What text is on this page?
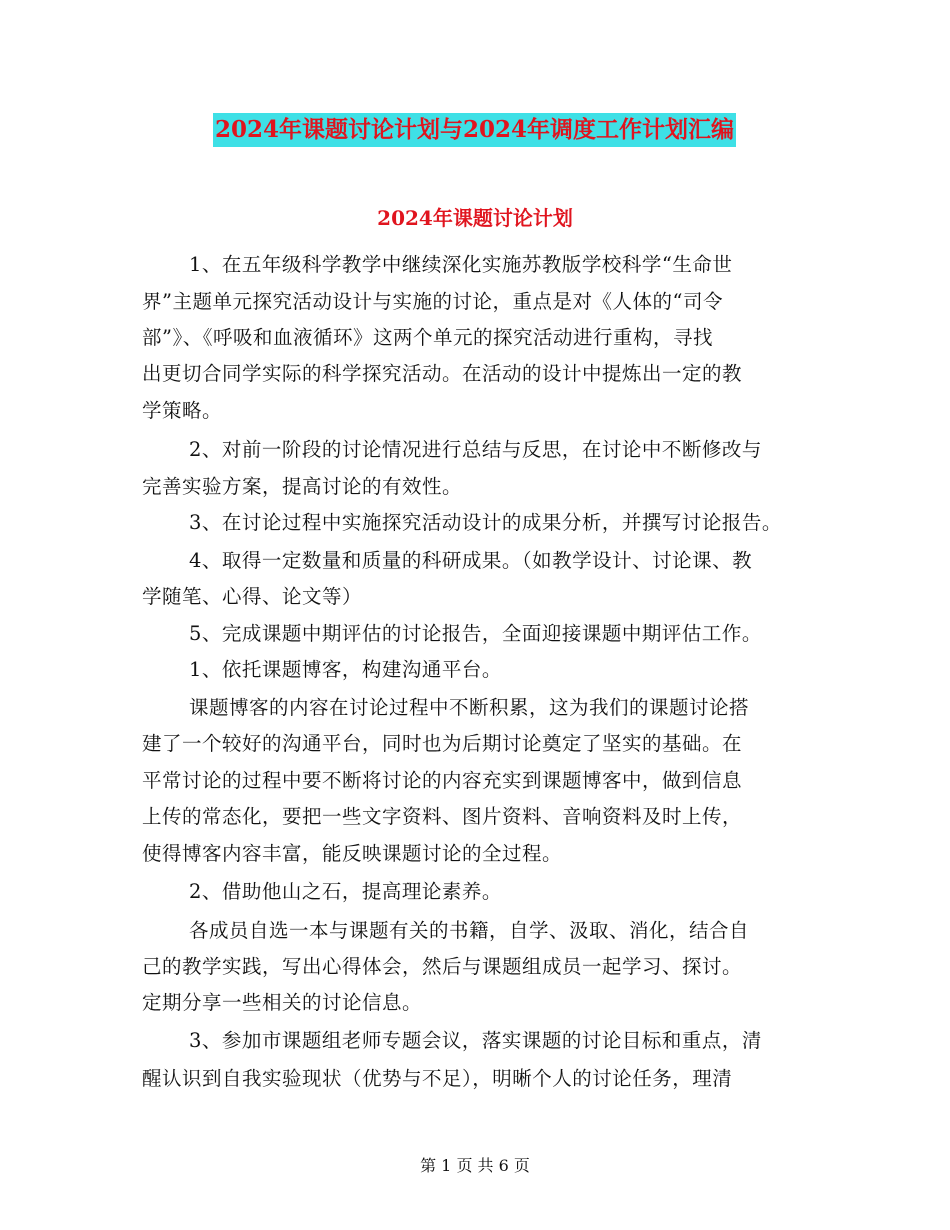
2024年课题讨论计划与2024年调度工作计划汇编
2024年课题讨论计划
1、在五年级科学教学中继续深化实施苏教版学校科学“生命世
界”主题单元探究活动设计与实施的讨论，重点是对《人体的“司令
部”》、《呼吸和血液循环》这两个单元的探究活动进行重构，寻找
出更切合同学实际的科学探究活动。在活动的设计中提炼出一定的教
学策略。
2、对前一阶段的讨论情况进行总结与反思，在讨论中不断修改与
完善实验方案，提高讨论的有效性。
3、在讨论过程中实施探究活动设计的成果分析，并撰写讨论报告。
4、取得一定数量和质量的科研成果。（如教学设计、讨论课、教
学随笔、心得、论文等）
5、完成课题中期评估的讨论报告，全面迎接课题中期评估工作。
1、依托课题博客，构建沟通平台。
课题博客的内容在讨论过程中不断积累，这为我们的课题讨论搭
建了一个较好的沟通平台，同时也为后期讨论奠定了坚实的基础。在
平常讨论的过程中要不断将讨论的内容充实到课题博客中，做到信息
上传的常态化，要把一些文字资料、图片资料、音响资料及时上传，
使得博客内容丰富，能反映课题讨论的全过程。
2、借助他山之石，提高理论素养。
各成员自选一本与课题有关的书籍，自学、汲取、消化，结合自
己的教学实践，写出心得体会，然后与课题组成员一起学习、探讨。
定期分享一些相关的讨论信息。
3、参加市课题组老师专题会议，落实课题的讨论目标和重点，清
醒认识到自我实验现状（优势与不足），明晰个人的讨论任务，理清
第 1 页 共 6 页
